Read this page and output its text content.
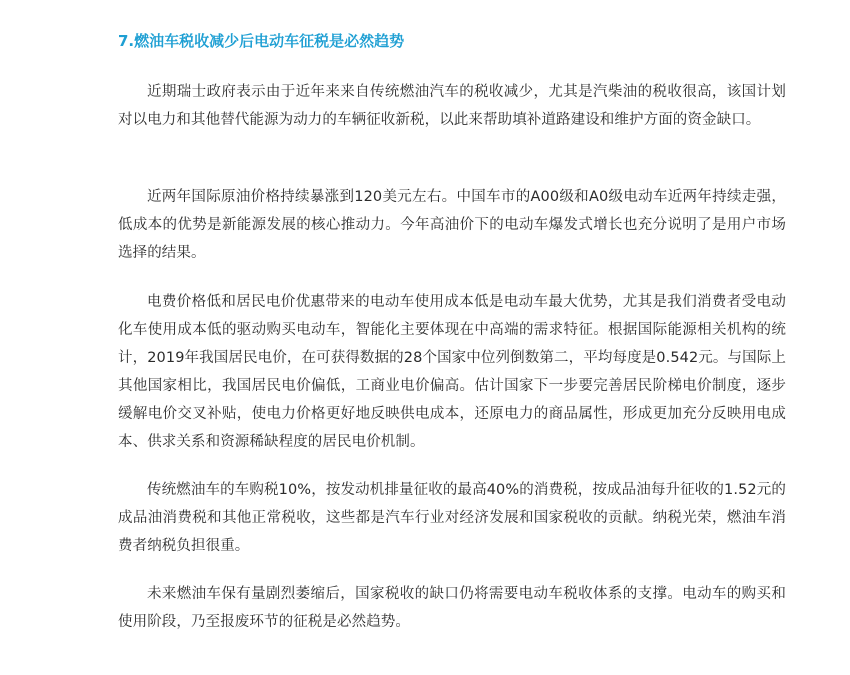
7.燃油车税收减少后电动车征税是必然趋势

近期瑞士政府表示由于近年来来自传统燃油汽车的税收减少，尤其是汽柴油的税收很高，该国计划对以电力和其他替代能源为动力的车辆征收新税，以此来帮助填补道路建设和维护方面的资金缺口。

近两年国际原油价格持续暴涨到120美元左右。中国车市的A00级和A0级电动车近两年持续走强，低成本的优势是新能源发展的核心推动力。今年高油价下的电动车爆发式增长也充分说明了是用户市场选择的结果。

电费价格低和居民电价优惠带来的电动车使用成本低是电动车最大优势，尤其是我们消费者受电动化车使用成本低的驱动购买电动车，智能化主要体现在中高端的需求特征。根据国际能源相关机构的统计，2019年我国居民电价，在可获得数据的28个国家中位列倒数第二，平均每度是0.542元。与国际上其他国家相比，我国居民电价偏低，工商业电价偏高。估计国家下一步要完善居民阶梯电价制度，逐步缓解电价交叉补贴，使电力价格更好地反映供电成本，还原电力的商品属性，形成更加充分反映用电成本、供求关系和资源稀缺程度的居民电价机制。

传统燃油车的车购税10%，按发动机排量征收的最高40%的消费税，按成品油每升征收的1.52元的成品油消费税和其他正常税收，这些都是汽车行业对经济发展和国家税收的贡献。纳税光荣，燃油车消费者纳税负担很重。

未来燃油车保有量剧烈萎缩后，国家税收的缺口仍将需要电动车税收体系的支撑。电动车的购买和使用阶段，乃至报废环节的征税是必然趋势。
